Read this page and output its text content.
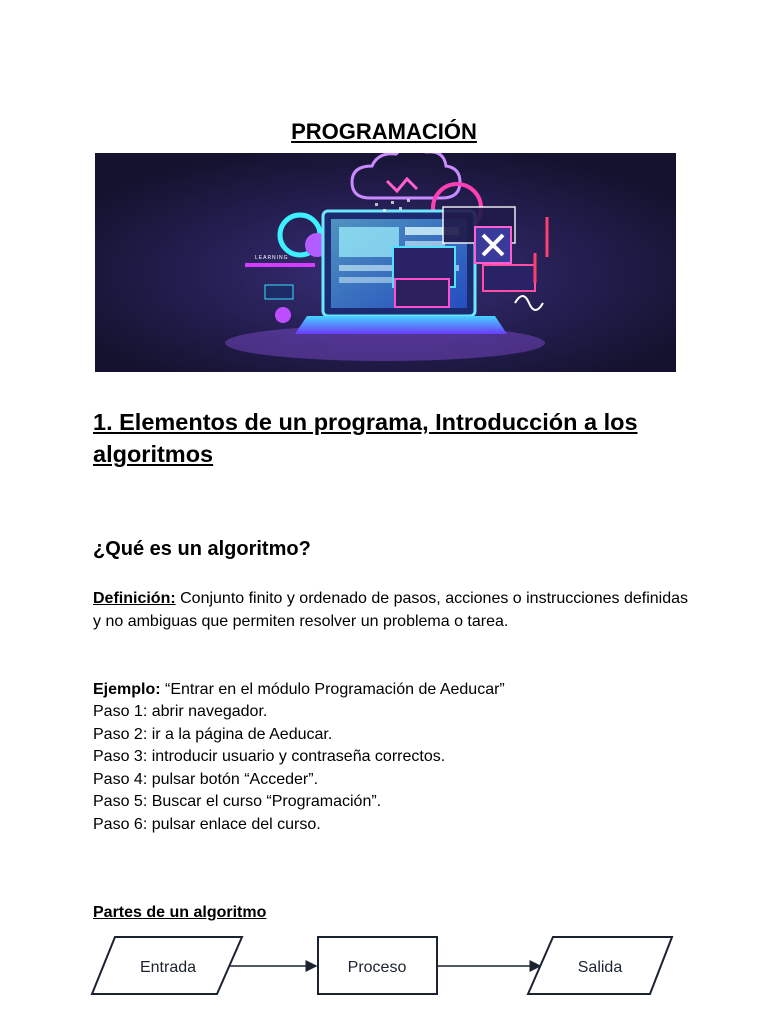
PROGRAMACIÓN
LEARNING
1. Elementos de un programa, Introducción a los algoritmos
¿Qué es un algoritmo?
Definición: Conjunto finito y ordenado de pasos, acciones o instrucciones definidas y no ambiguas que permiten resolver un problema o tarea.
Ejemplo: “Entrar en el módulo Programación de Aeducar”
Paso 1: abrir navegador.
Paso 2: ir a la página de Aeducar.
Paso 3: introducir usuario y contraseña correctos.
Paso 4: pulsar botón “Acceder”.
Paso 5: Buscar el curso “Programación”.
Paso 6: pulsar enlace del curso.
Partes de un algoritmo
Entrada	Proceso	Salida
